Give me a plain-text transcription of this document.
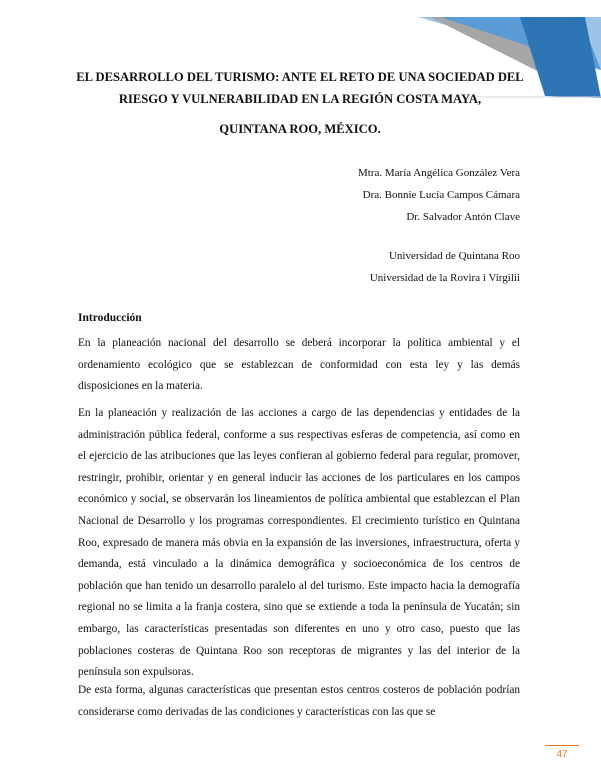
EL DESARROLLO DEL TURISMO: ANTE EL RETO DE UNA SOCIEDAD DEL RIESGO Y VULNERABILIDAD EN LA REGIÓN COSTA MAYA,
QUINTANA ROO, MÉXICO.
Mtra. María Angélica González Vera
Dra. Bonnie Lucía Campos Cámara
Dr. Salvador Antón Clave
Universidad de Quintana Roo
Universidad de la Rovira i Virgilii
Introducción

En la planeación nacional del desarrollo se deberá incorporar la política ambiental y el ordenamiento ecológico que se establezcan de conformidad con esta ley y las demás disposiciones en la materia.

En la planeación y realización de las acciones a cargo de las dependencias y entidades de la administración pública federal, conforme a sus respectivas esferas de competencia, así como en el ejercicio de las atribuciones que las leyes confieran al gobierno federal para regular, promover, restringir, prohibir, orientar y en general inducir las acciones de los particulares en los campos económico y social, se observarán los lineamientos de política ambiental que establezcan el Plan Nacional de Desarrollo y los programas correspondientes. El crecimiento turístico en Quintana Roo, expresado de manera más obvia en la expansión de las inversiones, infraestructura, oferta y demanda, está vinculado a la dinámica demográfica y socioeconómica de los centros de población que han tenido un desarrollo paralelo al del turismo. Este impacto hacia la demografía regional no se limita a la franja costera, sino que se extiende a toda la península de Yucatán; sin embargo, las características presentadas son diferentes en uno y otro caso, puesto que las poblaciones costeras de Quintana Roo son receptoras de migrantes y las del interior de la península son expulsoras.

De esta forma, algunas características que presentan estos centros costeros de población podrían considerarse como derivadas de las condiciones y características con las que se

47
